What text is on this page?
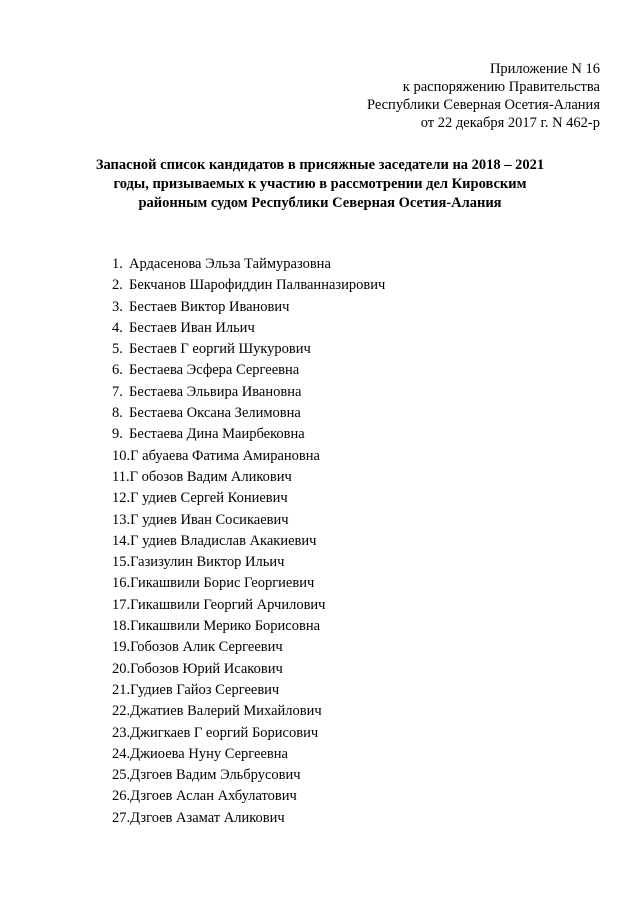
Приложение N 16
к распоряжению Правительства
Республики Северная Осетия-Алания
от 22 декабря 2017 г. N 462-р
Запасной список кандидатов в присяжные заседатели на 2018 – 2021
годы, призываемых к участию в рассмотрении дел Кировским
районным судом Республики Северная Осетия-Алания
1. Ардасенова Эльза Таймуразовна
2. Бекчанов Шарофиддин Палванназирович
3. Бестаев Виктор Иванович
4. Бестаев Иван Ильич
5. Бестаев Г еоргий Шукурович
6. Бестаева Эсфера Сергеевна
7. Бестаева Эльвира Ивановна
8. Бестаева Оксана Зелимовна
9. Бестаева Дина Маирбековна
10.Г абуаева Фатима Амирановна
11.Г обозов Вадим Аликович
12.Г удиев Сергей Кониевич
13.Г удиев Иван Сосикаевич
14.Г удиев Владислав Акакиевич
15.Газизулин Виктор Ильич
16.Гикашвили Борис Георгиевич
17.Гикашвили Георгий Арчилович
18.Гикашвили Мерико Борисовна
19.Гобозов Алик Сергеевич
20.Гобозов Юрий Исакович
21.Гудиев Гайоз Сергеевич
22.Джатиев Валерий Михайлович
23.Джигкаев Г еоргий Борисович
24.Джиоева Нуну Сергеевна
25.Дзгоев Вадим Эльбрусович
26.Дзгоев Аслан Ахбулатович
27.Дзгоев Азамат Аликович
